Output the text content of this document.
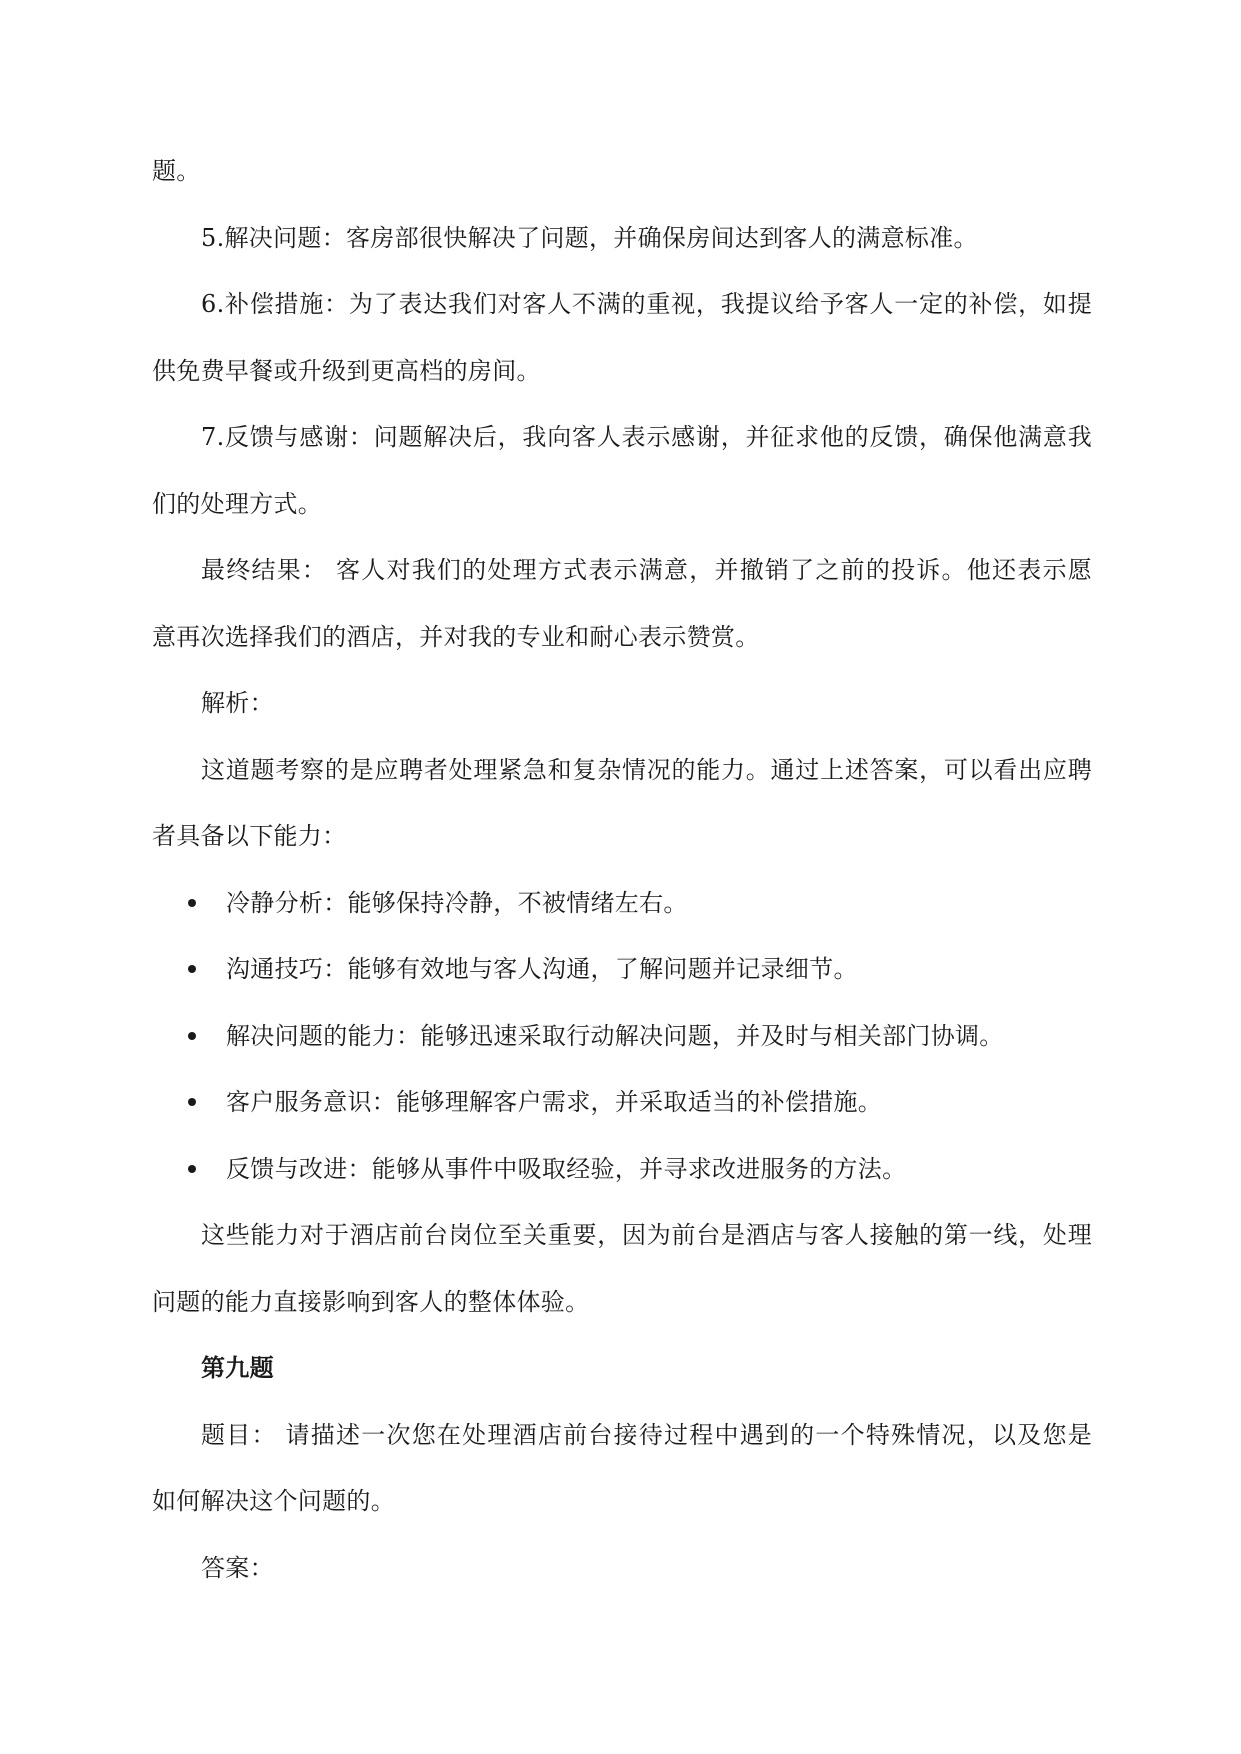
题。
5.解决问题：客房部很快解决了问题，并确保房间达到客人的满意标准。
6.补偿措施：为了表达我们对客人不满的重视，我提议给予客人一定的补偿，如提
供免费早餐或升级到更高档的房间。
7.反馈与感谢：问题解决后，我向客人表示感谢，并征求他的反馈，确保他满意我
们的处理方式。
最终结果： 客人对我们的处理方式表示满意，并撤销了之前的投诉。他还表示愿
意再次选择我们的酒店，并对我的专业和耐心表示赞赏。
解析：
这道题考察的是应聘者处理紧急和复杂情况的能力。通过上述答案，可以看出应聘
者具备以下能力：
冷静分析：能够保持冷静，不被情绪左右。
沟通技巧：能够有效地与客人沟通，了解问题并记录细节。
解决问题的能力：能够迅速采取行动解决问题，并及时与相关部门协调。
客户服务意识：能够理解客户需求，并采取适当的补偿措施。
反馈与改进：能够从事件中吸取经验，并寻求改进服务的方法。
这些能力对于酒店前台岗位至关重要，因为前台是酒店与客人接触的第一线，处理
问题的能力直接影响到客人的整体体验。
第九题
题目： 请描述一次您在处理酒店前台接待过程中遇到的一个特殊情况，以及您是
如何解决这个问题的。
答案：
